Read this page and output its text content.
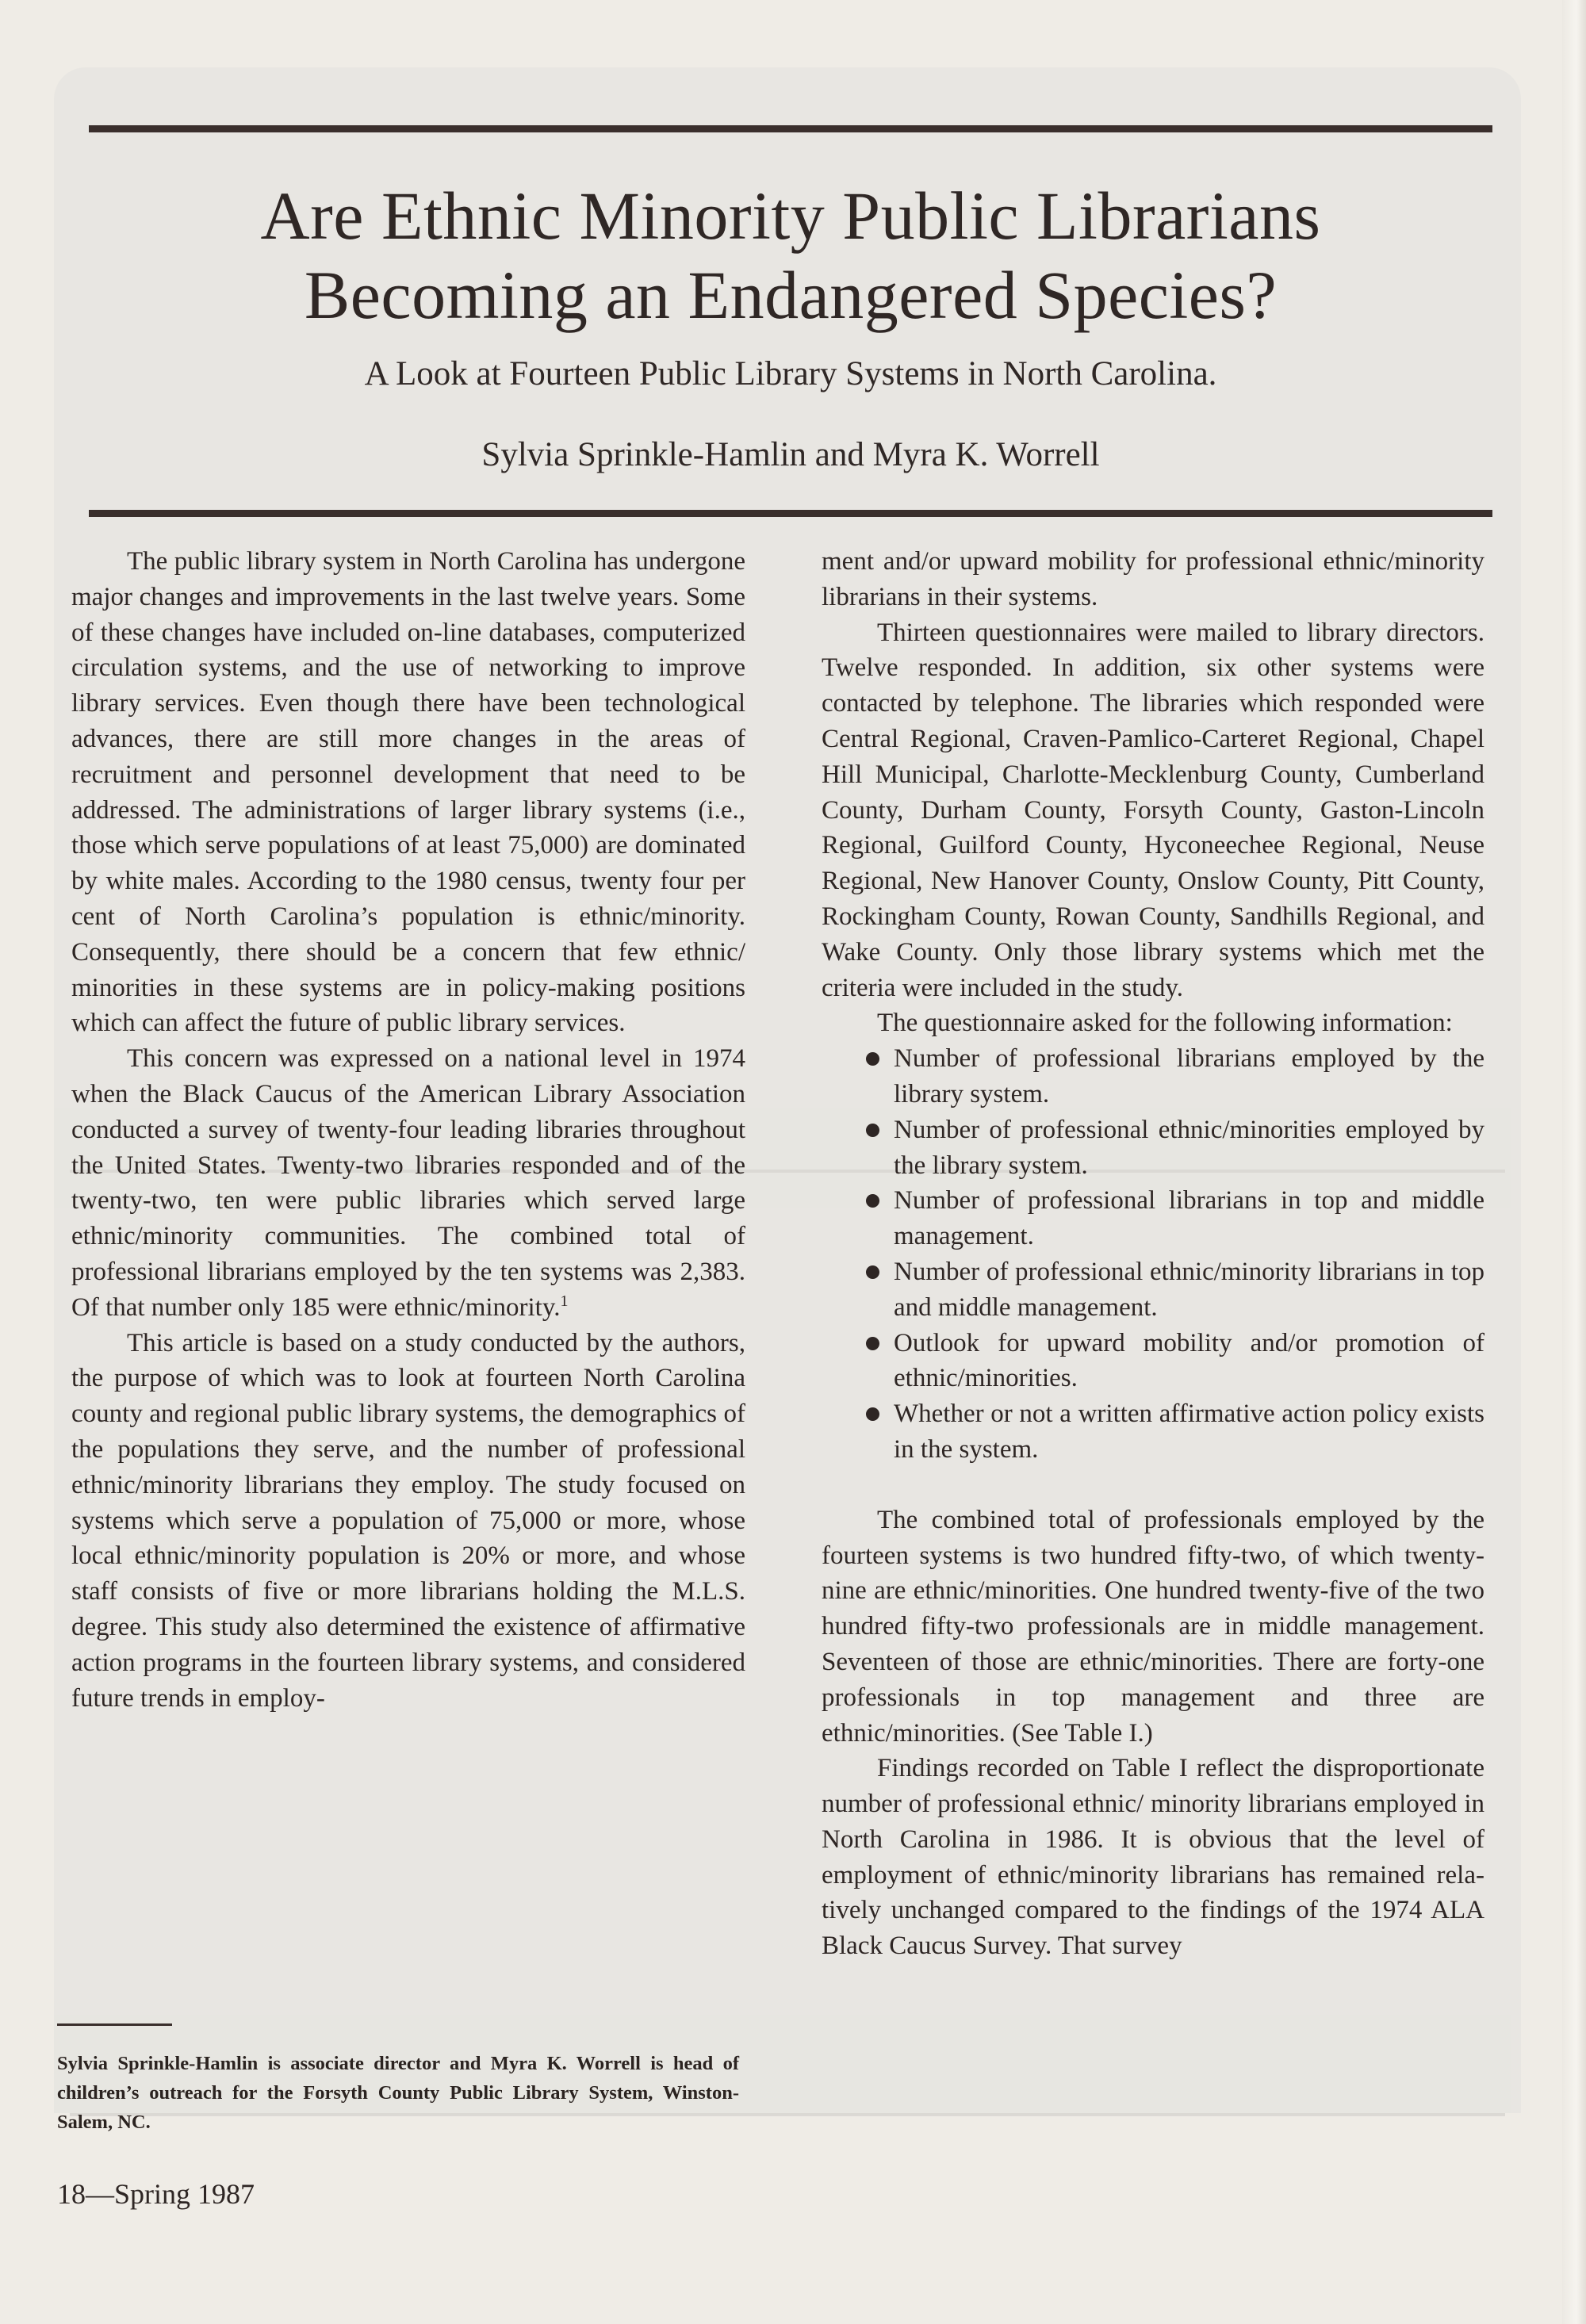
Are Ethnic Minority Public Librarians
Becoming an Endangered Species?
A Look at Fourteen Public Library Systems in North Carolina.
Sylvia Sprinkle-Hamlin and Myra K. Worrell

The public library system in North Carolina has undergone major changes and improvements in the last twelve years. Some of these changes have included on-line databases, computerized circulation systems, and the use of networking to improve library services. Even though there have been technological advances, there are still more changes in the areas of recruitment and personnel development that need to be addressed. The administrations of larger library systems (i.e., those which serve populations of at least 75,000) are dominated by white males. According to the 1980 census, twenty four per cent of North Carolina’s population is ethnic/minority. Consequently, there should be a concern that few ethnic/ minorities in these systems are in policy-making positions which can affect the future of public library services.

This concern was expressed on a national level in 1974 when the Black Caucus of the American Library Association conducted a survey of twenty-four leading libraries throughout the United States. Twenty-two libraries responded and of the twenty-two, ten were public libraries which served large ethnic/minority communities. The combined total of professional librarians employed by the ten systems was 2,383. Of that number only 185 were ethnic/minority.$^1$

This article is based on a study conducted by the authors, the purpose of which was to look at fourteen North Carolina county and regional public library systems, the demographics of the populations they serve, and the number of professional ethnic/minority librarians they employ. The study focused on systems which serve a population of 75,000 or more, whose local ethnic/minority population is 20% or more, and whose staff consists of five or more librarians holding the M.L.S. degree. This study also determined the existence of affirmative action programs in the fourteen library systems, and considered future trends in employ-

ment and/or upward mobility for professional ethnic/minority librarians in their systems.

Thirteen questionnaires were mailed to library directors. Twelve responded. In addition, six other systems were contacted by telephone. The libraries which responded were Central Regional, Craven-Pamlico-Carteret Regional, Chapel Hill Municipal, Charlotte-Mecklenburg County, Cumberland County, Durham County, Forsyth County, Gaston-Lincoln Regional, Guilford County, Hyconeechee Regional, Neuse Regional, New Hanover County, Onslow County, Pitt County, Rockingham County, Rowan County, Sandhills Regional, and Wake County. Only those library systems which met the criteria were included in the study.

The questionnaire asked for the following information:

Number of professional librarians employed by the library system.
Number of professional ethnic/minorities employed by the library system.
Number of professional librarians in top and middle management.
Number of professional ethnic/minority librarians in top and middle management.
Outlook for upward mobility and/or promotion of ethnic/minorities.
Whether or not a written affirmative action policy exists in the system.

The combined total of professionals employed by the fourteen systems is two hundred fifty-two, of which twenty-nine are ethnic/minorities. One hundred twenty-five of the two hundred fifty-two professionals are in middle management. Seventeen of those are ethnic/minorities. There are forty-one professionals in top management and three are ethnic/minorities. (See Table I.)

Findings recorded on Table I reflect the disproportionate number of professional ethnic/ minority librarians employed in North Carolina in 1986. It is obvious that the level of employment of ethnic/minority librarians has remained relatively unchanged compared to the findings of the 1974 ALA Black Caucus Survey. That survey

Sylvia Sprinkle-Hamlin is associate director and Myra K. Worrell is head of children’s outreach for the Forsyth County Public Library System, Winston-Salem, NC.

18—Spring 1987
